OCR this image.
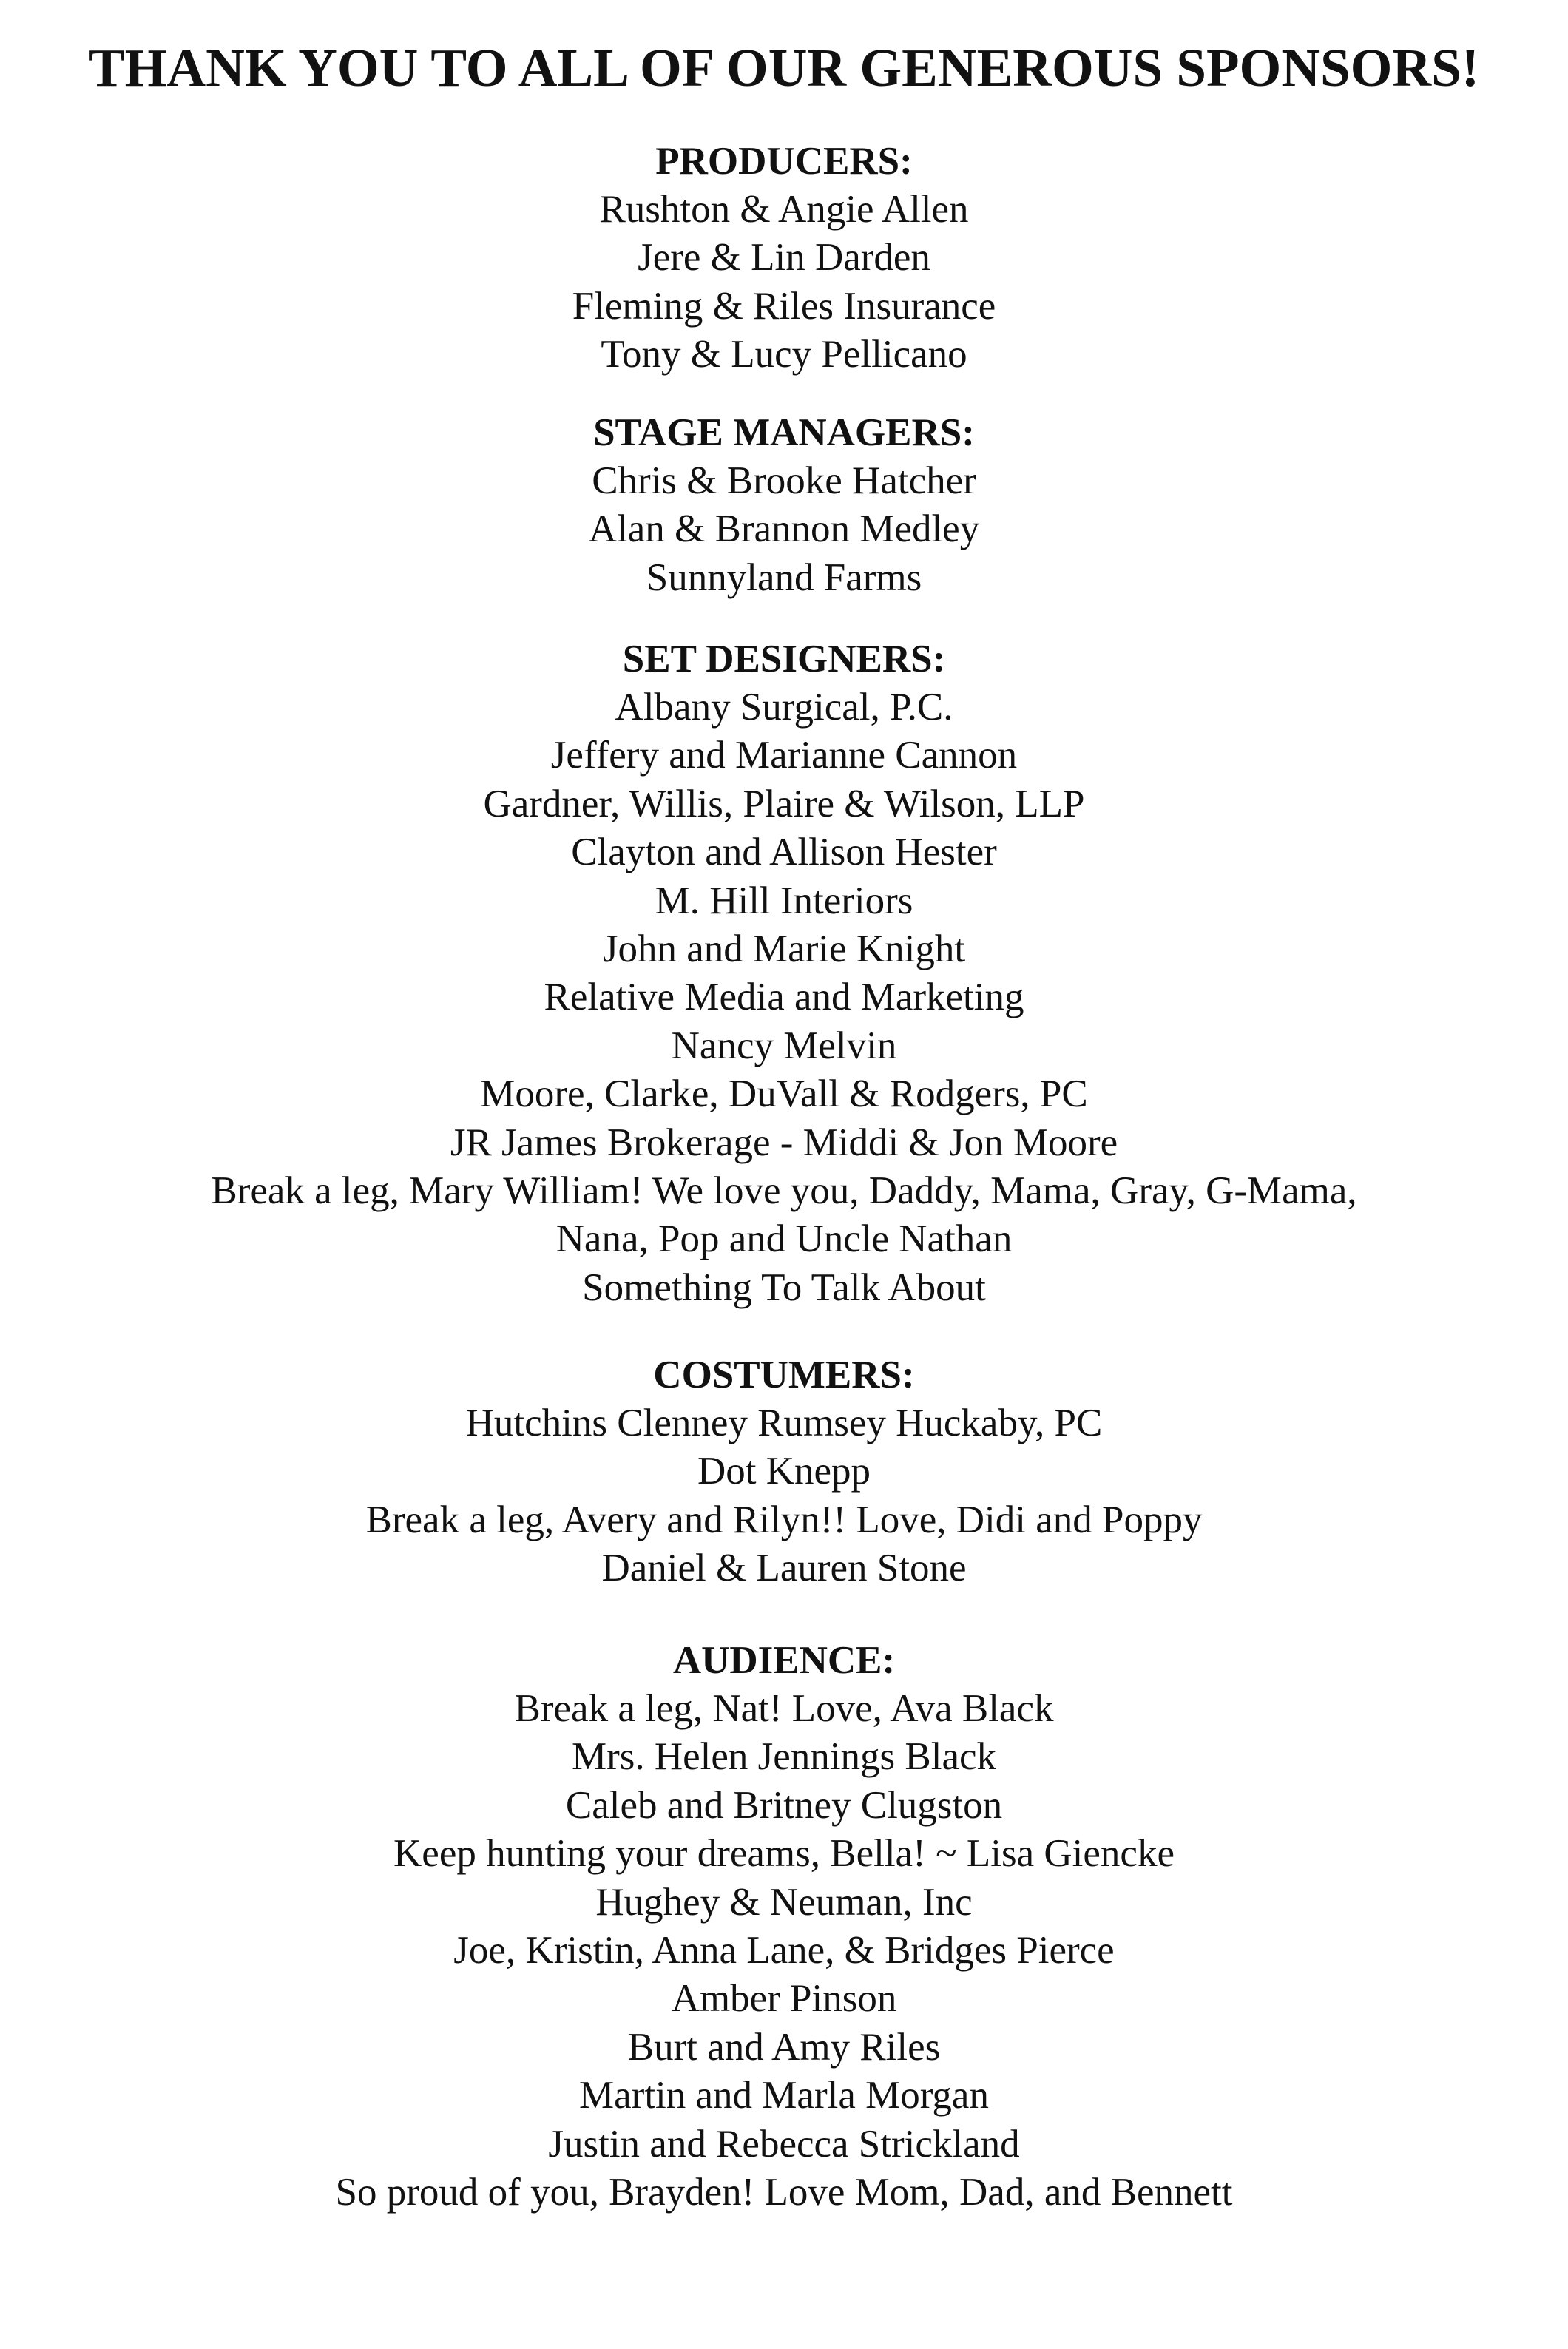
THANK YOU TO ALL OF OUR GENEROUS SPONSORS!
PRODUCERS:
Rushton & Angie Allen
Jere & Lin Darden
Fleming & Riles Insurance
Tony & Lucy Pellicano
STAGE MANAGERS:
Chris & Brooke Hatcher
Alan & Brannon Medley
Sunnyland Farms
SET DESIGNERS:
Albany Surgical, P.C.
Jeffery and Marianne Cannon
Gardner, Willis, Plaire & Wilson, LLP
Clayton and Allison Hester
M. Hill Interiors
John and Marie Knight
Relative Media and Marketing
Nancy Melvin
Moore, Clarke, DuVall & Rodgers, PC
JR James Brokerage - Middi & Jon Moore
Break a leg, Mary William! We love you, Daddy, Mama, Gray, G-Mama,
Nana, Pop and Uncle Nathan
Something To Talk About
COSTUMERS:
Hutchins Clenney Rumsey Huckaby, PC
Dot Knepp
Break a leg, Avery and Rilyn!! Love, Didi and Poppy
Daniel & Lauren Stone
AUDIENCE:
Break a leg, Nat! Love, Ava Black
Mrs. Helen Jennings Black
Caleb and Britney Clugston
Keep hunting your dreams, Bella! ~ Lisa Giencke
Hughey & Neuman, Inc
Joe, Kristin, Anna Lane, & Bridges Pierce
Amber Pinson
Burt and Amy Riles
Martin and Marla Morgan
Justin and Rebecca Strickland
So proud of you, Brayden! Love Mom, Dad, and Bennett
